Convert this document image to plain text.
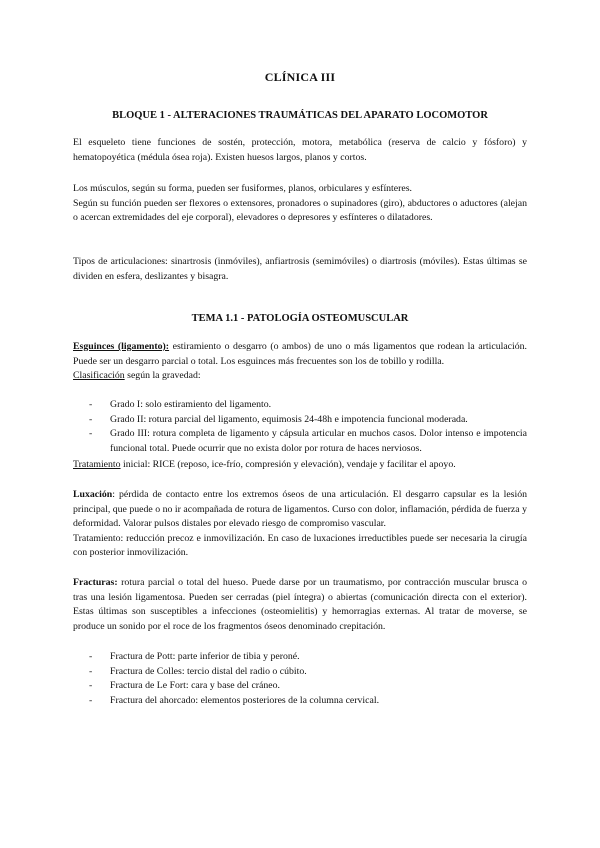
CLÍNICA III
BLOQUE 1 - ALTERACIONES TRAUMÁTICAS DEL APARATO LOCOMOTOR

El esqueleto tiene funciones de sostén, protección, motora, metabólica (reserva de calcio y fósforo) y hematopoyética (médula ósea roja). Existen huesos largos, planos y cortos.

Los músculos, según su forma, pueden ser fusiformes, planos, orbiculares y esfínteres.
Según su función pueden ser flexores o extensores, pronadores o supinadores (giro), abductores o aductores (alejan o acercan extremidades del eje corporal), elevadores o depresores y esfínteres o dilatadores.

Tipos de articulaciones: sinartrosis (inmóviles), anfiartrosis (semimóviles) o diartrosis (móviles). Estas últimas se dividen en esfera, deslizantes y bisagra.

TEMA 1.1 - PATOLOGÍA OSTEOMUSCULAR

Esguinces (ligamento): estiramiento o desgarro (o ambos) de uno o más ligamentos que rodean la articulación. Puede ser un desgarro parcial o total. Los esguinces más frecuentes son los de tobillo y rodilla.
Clasificación según la gravedad:

- Grado I: solo estiramiento del ligamento.
- Grado II: rotura parcial del ligamento, equimosis 24-48h e impotencia funcional moderada.
- Grado III: rotura completa de ligamento y cápsula articular en muchos casos. Dolor intenso e impotencia funcional total. Puede ocurrir que no exista dolor por rotura de haces nerviosos.

Tratamiento inicial: RICE (reposo, ice-frío, compresión y elevación), vendaje y facilitar el apoyo.

Luxación: pérdida de contacto entre los extremos óseos de una articulación. El desgarro capsular es la lesión principal, que puede o no ir acompañada de rotura de ligamentos. Curso con dolor, inflamación, pérdida de fuerza y deformidad. Valorar pulsos distales por elevado riesgo de compromiso vascular.
Tratamiento: reducción precoz e inmovilización. En caso de luxaciones irreductibles puede ser necesaria la cirugía con posterior inmovilización.

Fracturas: rotura parcial o total del hueso. Puede darse por un traumatismo, por contracción muscular brusca o tras una lesión ligamentosa. Pueden ser cerradas (piel íntegra) o abiertas (comunicación directa con el exterior). Estas últimas son susceptibles a infecciones (osteomielitis) y hemorragias externas. Al tratar de moverse, se produce un sonido por el roce de los fragmentos óseos denominado crepitación.

- Fractura de Pott: parte inferior de tibia y peroné.
- Fractura de Colles: tercio distal del radio o cúbito.
- Fractura de Le Fort: cara y base del cráneo.
- Fractura del ahorcado: elementos posteriores de la columna cervical.
